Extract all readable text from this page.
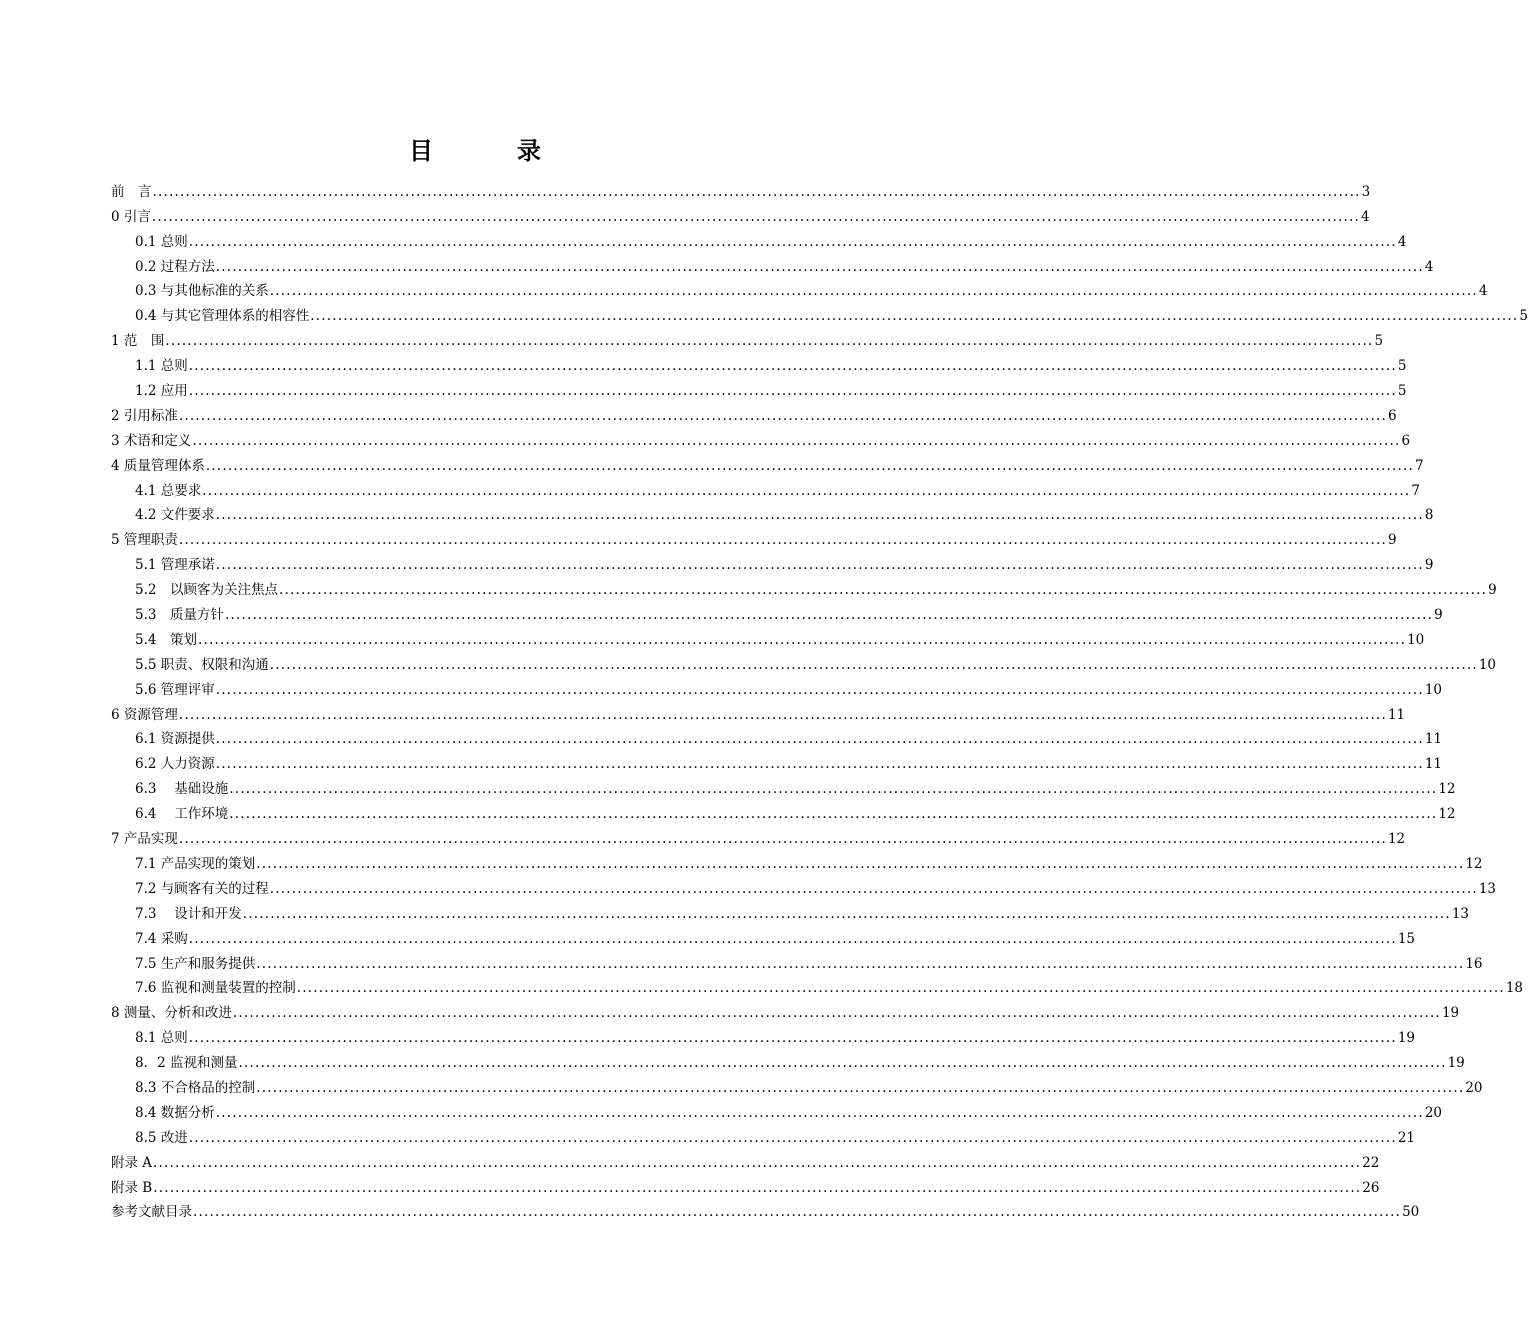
目　录
前　言 ............................................................................................................................................................................................................................ 3
0 引言 ............................................................................................................................................................................................................................ 4
0.1 总则 ............................................................................................................................................................................................................................ 4
0.2 过程方法 ............................................................................................................................................................................................................................ 4
0.3 与其他标准的关系 ............................................................................................................................................................................................................................ 4
0.4 与其它管理体系的相容性 ............................................................................................................................................................................................................................ 5
1 范　围 ............................................................................................................................................................................................................................ 5
1.1 总则 ............................................................................................................................................................................................................................ 5
1.2 应用 ............................................................................................................................................................................................................................ 5
2 引用标准 ............................................................................................................................................................................................................................ 6
3 术语和定义 ............................................................................................................................................................................................................................ 6
4 质量管理体系 ............................................................................................................................................................................................................................ 7
4.1 总要求 ............................................................................................................................................................................................................................ 7
4.2 文件要求 ............................................................................................................................................................................................................................ 8
5 管理职责 ............................................................................................................................................................................................................................ 9
5.1 管理承诺 ............................................................................................................................................................................................................................ 9
5.2　以顾客为关注焦点 ............................................................................................................................................................................................................................ 9
5.3　质量方针 ............................................................................................................................................................................................................................ 9
5.4　策划 ............................................................................................................................................................................................................................ 10
5.5 职责、权限和沟通 ............................................................................................................................................................................................................................ 10
5.6 管理评审 ............................................................................................................................................................................................................................ 10
6 资源管理 ............................................................................................................................................................................................................................ 11
6.1 资源提供 ............................................................................................................................................................................................................................ 11
6.2 人力资源 ............................................................................................................................................................................................................................ 11
6.3　 基础设施 ............................................................................................................................................................................................................................ 12
6.4　 工作环境 ............................................................................................................................................................................................................................ 12
7 产品实现 ............................................................................................................................................................................................................................ 12
7.1 产品实现的策划 ............................................................................................................................................................................................................................ 12
7.2 与顾客有关的过程 ............................................................................................................................................................................................................................ 13
7.3　 设计和开发 ............................................................................................................................................................................................................................ 13
7.4 采购 ............................................................................................................................................................................................................................ 15
7.5 生产和服务提供 ............................................................................................................................................................................................................................ 16
7.6 监视和测量装置的控制 ............................................................................................................................................................................................................................ 18
8 测量、分析和改进 ............................................................................................................................................................................................................................ 19
8.1 总则 ............................................................................................................................................................................................................................ 19
8．2 监视和测量 ............................................................................................................................................................................................................................ 19
8.3 不合格品的控制 ............................................................................................................................................................................................................................ 20
8.4 数据分析 ............................................................................................................................................................................................................................ 20
8.5 改进 ............................................................................................................................................................................................................................ 21
附录 A ............................................................................................................................................................................................................................ 22
附录 B ............................................................................................................................................................................................................................ 26
参考文献目录 ............................................................................................................................................................................................................................ 50
